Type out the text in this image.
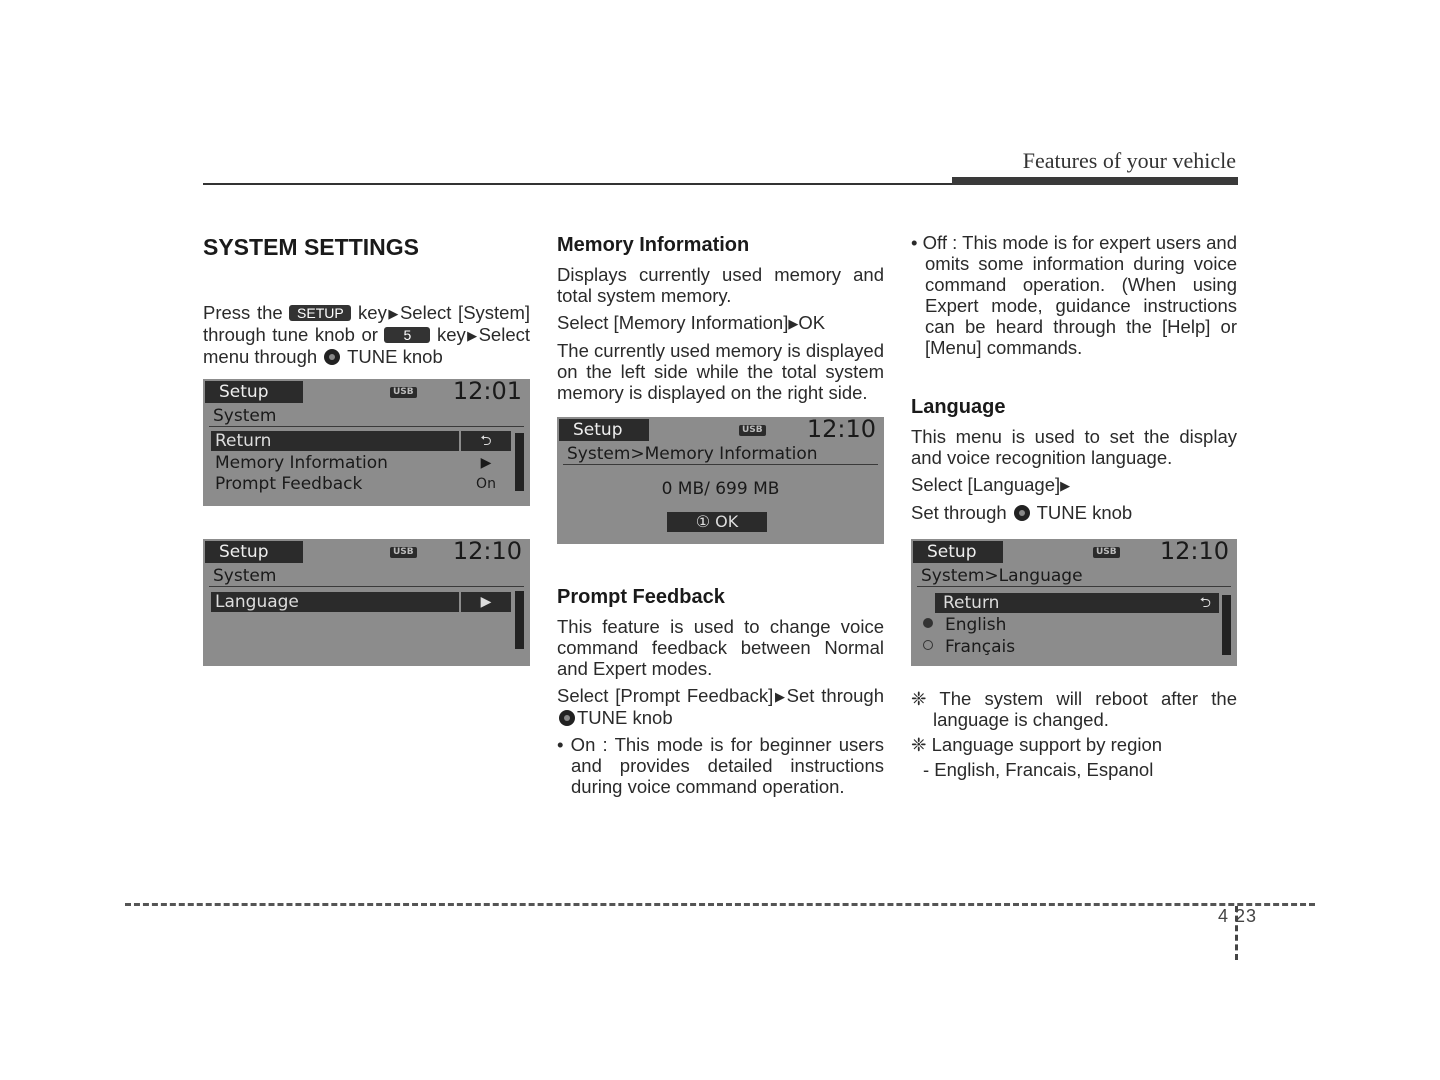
Features of your vehicle
SYSTEM SETTINGS

Press the SETUP key▶Select [System] through tune knob or 5 key▶Select menu through  TUNE knob

Setup	USB 12:01
System
Return	⮌
Memory Information	▶
Prompt Feedback	On
Setup	USB 12:10
System
Language	▶
Memory Information

Displays currently used memory and total system memory.

Select [Memory Information]▶OK

The currently used memory is displayed on the left side while the total system memory is displayed on the right side.

Setup	USB 12:10
System>Memory Information
0 MB/ 699 MB
① OK
Prompt Feedback

This feature is used to change voice command feedback between Normal and Expert modes.

Select [Prompt Feedback]▶Set through TUNE knob

• On : This mode is for beginner users and provides detailed instructions during voice command operation.

• Off : This mode is for expert users and omits some information during voice command operation. (When using Expert mode, guidance instructions can be heard through the [Help] or [Menu] commands.

Language

This menu is used to set the display and voice recognition language.

Select [Language]▶

Set through  TUNE knob

Setup	USB 12:10
System>Language
Return	⮌
English
Français

❈ The system will reboot after the language is changed.

❈ Language support by region

- English, Francais, Espanol

4 23
